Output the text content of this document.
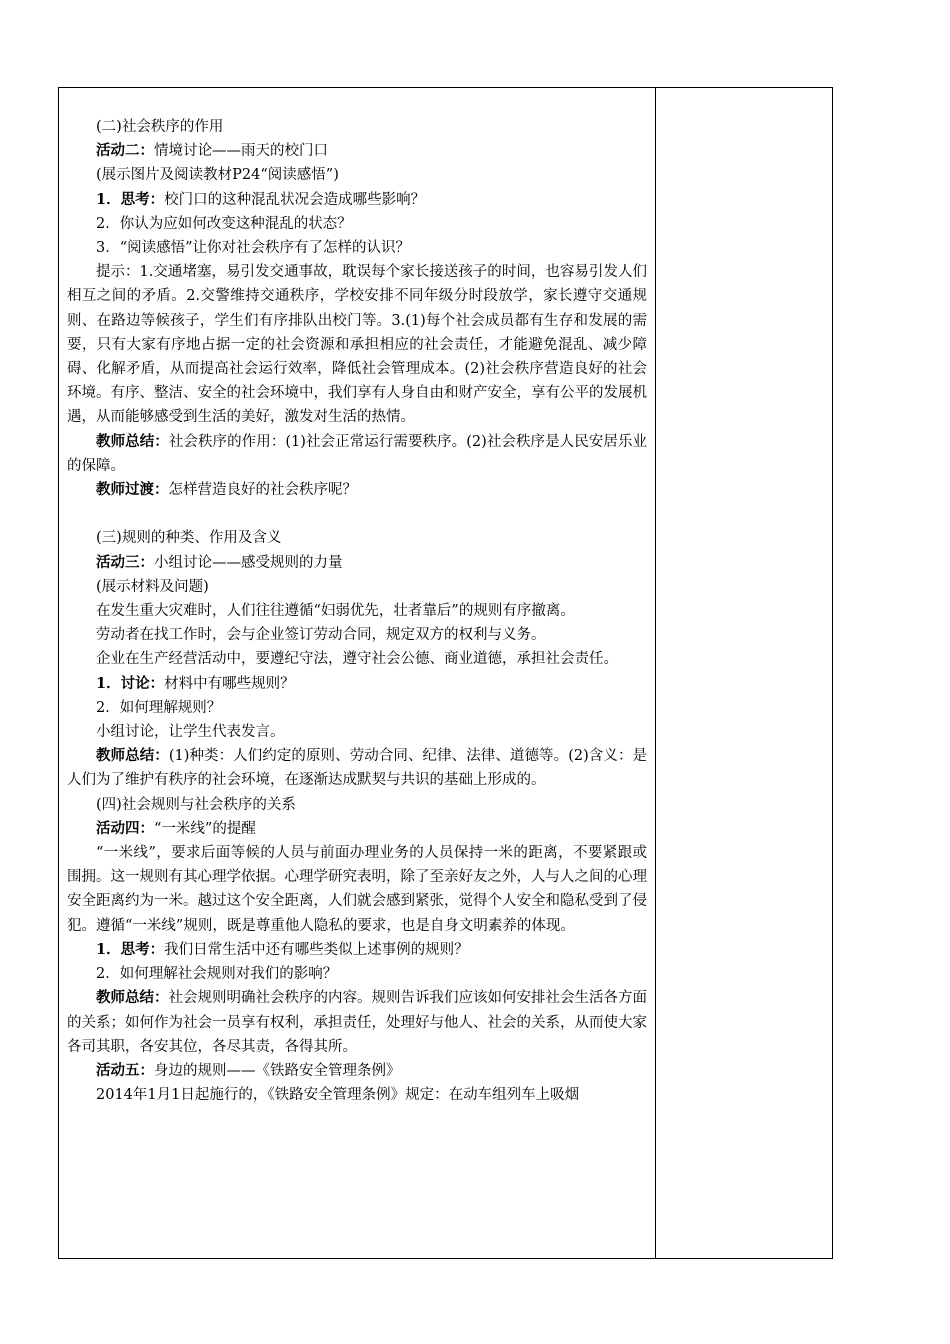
(二)社会秩序的作用

活动二：情境讨论——雨天的校门口

(展示图片及阅读教材P24“阅读感悟”)

1．思考：校门口的这种混乱状况会造成哪些影响？

2．你认为应如何改变这种混乱的状态？

3．“阅读感悟”让你对社会秩序有了怎样的认识？

提示：1.交通堵塞，易引发交通事故，耽误每个家长接送孩子的时间，也容易引发人们相互之间的矛盾。2.交警维持交通秩序，学校安排不同年级分时段放学，家长遵守交通规则、在路边等候孩子，学生们有序排队出校门等。3.(1)每个社会成员都有生存和发展的需要，只有大家有序地占据一定的社会资源和承担相应的社会责任，才能避免混乱、减少障碍、化解矛盾，从而提高社会运行效率，降低社会管理成本。(2)社会秩序营造良好的社会环境。有序、整洁、安全的社会环境中，我们享有人身自由和财产安全，享有公平的发展机遇，从而能够感受到生活的美好，激发对生活的热情。

教师总结：社会秩序的作用：(1)社会正常运行需要秩序。(2)社会秩序是人民安居乐业的保障。

教师过渡：怎样营造良好的社会秩序呢？

(三)规则的种类、作用及含义

活动三：小组讨论——感受规则的力量

(展示材料及问题)

在发生重大灾难时，人们往往遵循“妇弱优先，壮者靠后”的规则有序撤离。

劳动者在找工作时，会与企业签订劳动合同，规定双方的权利与义务。

企业在生产经营活动中，要遵纪守法，遵守社会公德、商业道德，承担社会责任。

1．讨论：材料中有哪些规则？

2．如何理解规则？

小组讨论，让学生代表发言。

教师总结：(1)种类：人们约定的原则、劳动合同、纪律、法律、道德等。(2)含义：是人们为了维护有秩序的社会环境，在逐渐达成默契与共识的基础上形成的。

(四)社会规则与社会秩序的关系

活动四：“一米线”的提醒

“一米线”，要求后面等候的人员与前面办理业务的人员保持一米的距离，不要紧跟或围拥。这一规则有其心理学依据。心理学研究表明，除了至亲好友之外，人与人之间的心理安全距离约为一米。越过这个安全距离，人们就会感到紧张，觉得个人安全和隐私受到了侵犯。遵循“一米线”规则，既是尊重他人隐私的要求，也是自身文明素养的体现。

1．思考：我们日常生活中还有哪些类似上述事例的规则？

2．如何理解社会规则对我们的影响？

教师总结：社会规则明确社会秩序的内容。规则告诉我们应该如何安排社会生活各方面的关系；如何作为社会一员享有权利，承担责任，处理好与他人、社会的关系，从而使大家各司其职，各安其位，各尽其责，各得其所。

活动五：身边的规则——《铁路安全管理条例》

2014年1月1日起施行的，《铁路安全管理条例》规定：在动车组列车上吸烟
